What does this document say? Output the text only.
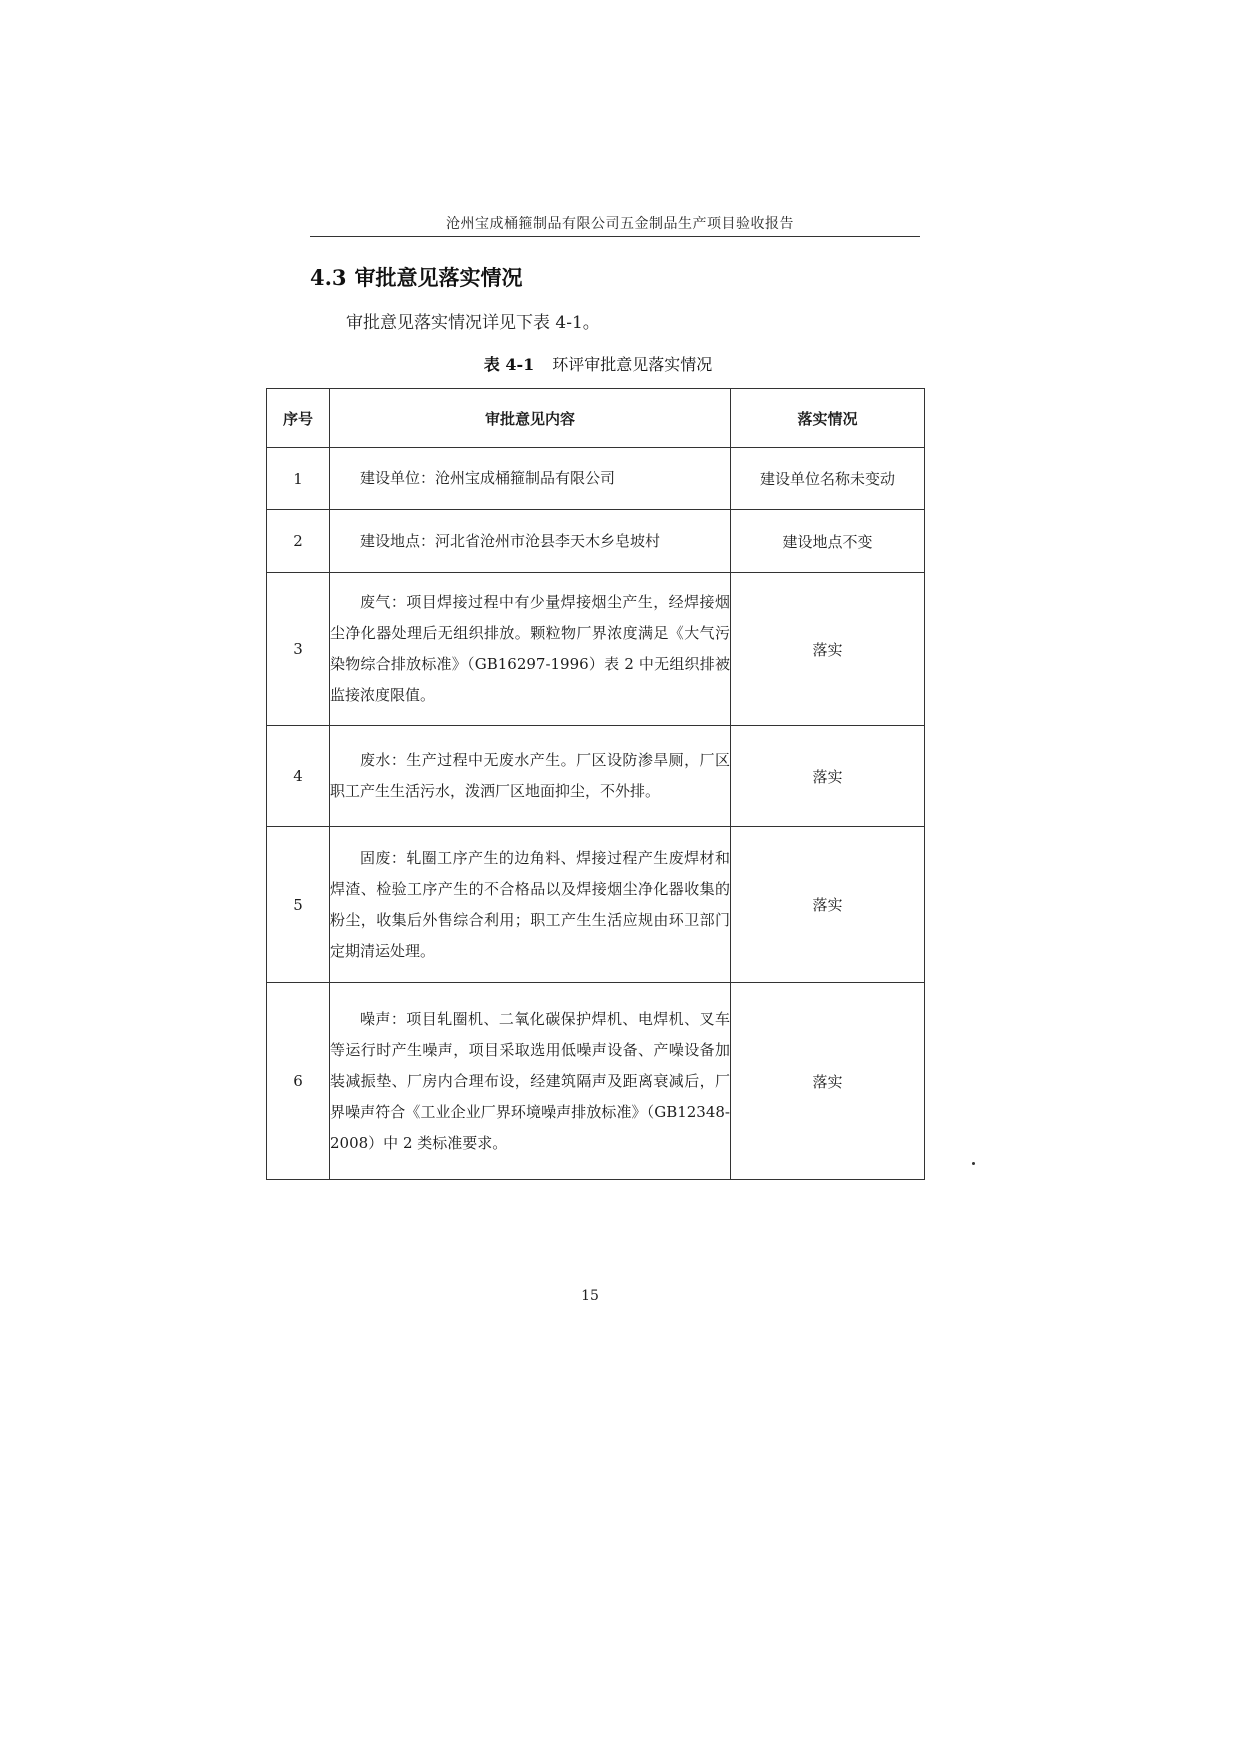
沧州宝成桶箍制品有限公司五金制品生产项目验收报告
4.3 审批意见落实情况
审批意见落实情况详见下表 4-1。
表 4-1 环评审批意见落实情况
序号	审批意见内容	落实情况
1	建设单位：沧州宝成桶箍制品有限公司	建设单位名称未变动
2	建设地点：河北省沧州市沧县李天木乡皂坡村	建设地点不变
3	废气：项目焊接过程中有少量焊接烟尘产生，经焊接烟尘净化器处理后无组织排放。颗粒物厂界浓度满足《大气污染物综合排放标准》（GB16297-1996）表 2 中无组织排被监接浓度限值。	落实
4	废水：生产过程中无废水产生。厂区设防渗旱厕，厂区职工产生生活污水，泼洒厂区地面抑尘，不外排。	落实
5	固废：轧圈工序产生的边角料、焊接过程产生废焊材和焊渣、检验工序产生的不合格品以及焊接烟尘净化器收集的粉尘，收集后外售综合利用；职工产生生活应规由环卫部门定期清运处理。	落实
6	噪声：项目轧圈机、二氧化碳保护焊机、电焊机、叉车等运行时产生噪声，项目采取选用低噪声设备、产噪设备加装减振垫、厂房内合理布设，经建筑隔声及距离衰减后，厂界噪声符合《工业企业厂界环境噪声排放标准》（GB12348-2008）中 2 类标准要求。	落实
15
